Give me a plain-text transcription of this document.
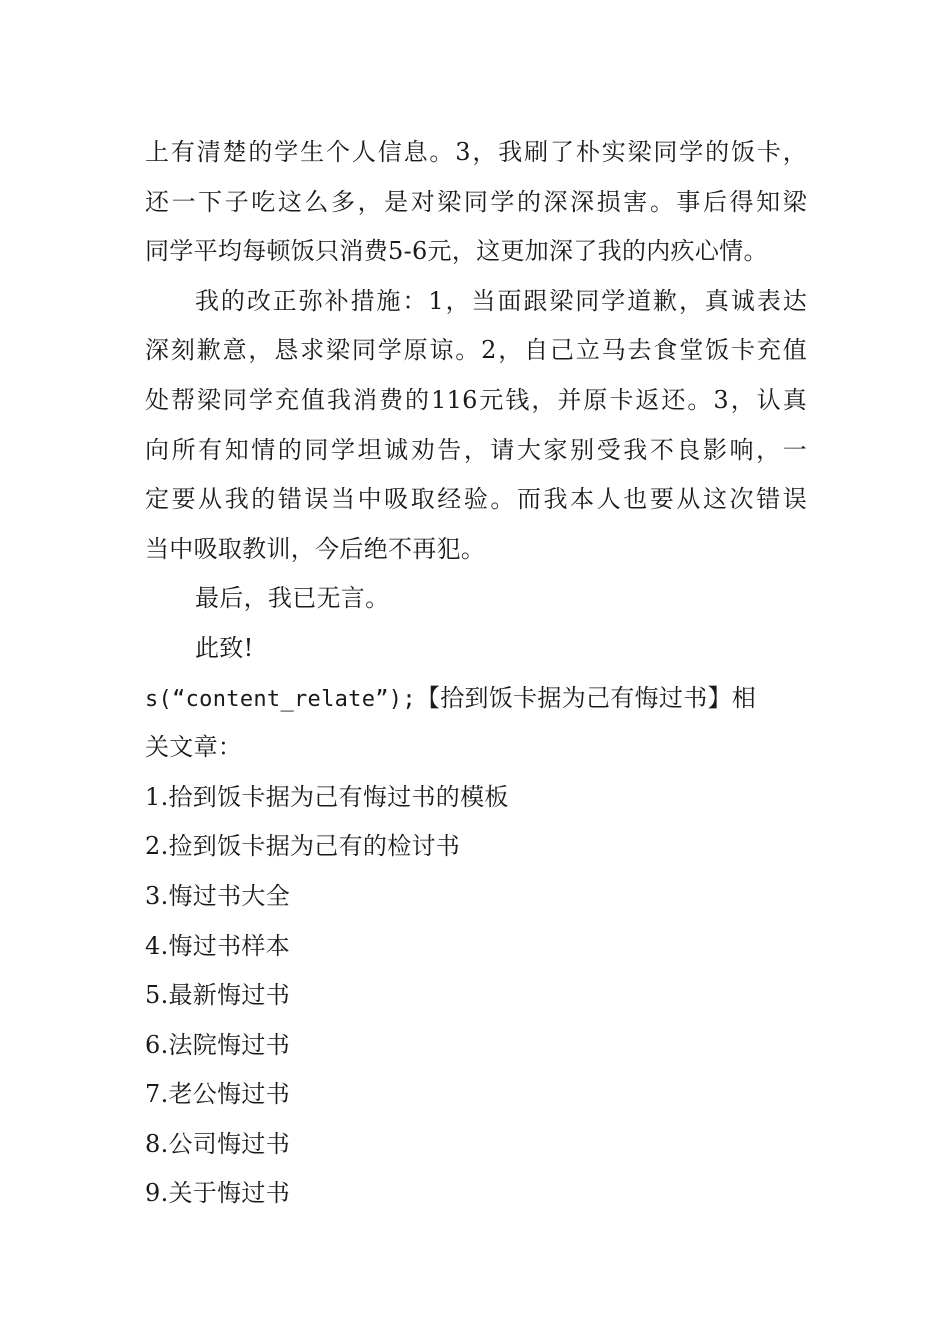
上有清楚的学生个人信息。3，我刷了朴实梁同学的饭卡，
还一下子吃这么多，是对梁同学的深深损害。事后得知梁
同学平均每顿饭只消费5-6元，这更加深了我的内疚心情。
我的改正弥补措施：1，当面跟梁同学道歉，真诚表达
深刻歉意，恳求梁同学原谅。2，自己立马去食堂饭卡充值
处帮梁同学充值我消费的116元钱，并原卡返还。3，认真
向所有知情的同学坦诚劝告，请大家别受我不良影响，一
定要从我的错误当中吸取经验。而我本人也要从这次错误
当中吸取教训，今后绝不再犯。
最后，我已无言。
此致!
s(“content_relate”);【拾到饭卡据为己有悔过书】相
关文章：
1.拾到饭卡据为己有悔过书的模板
2.捡到饭卡据为己有的检讨书
3.悔过书大全
4.悔过书样本
5.最新悔过书
6.法院悔过书
7.老公悔过书
8.公司悔过书
9.关于悔过书
